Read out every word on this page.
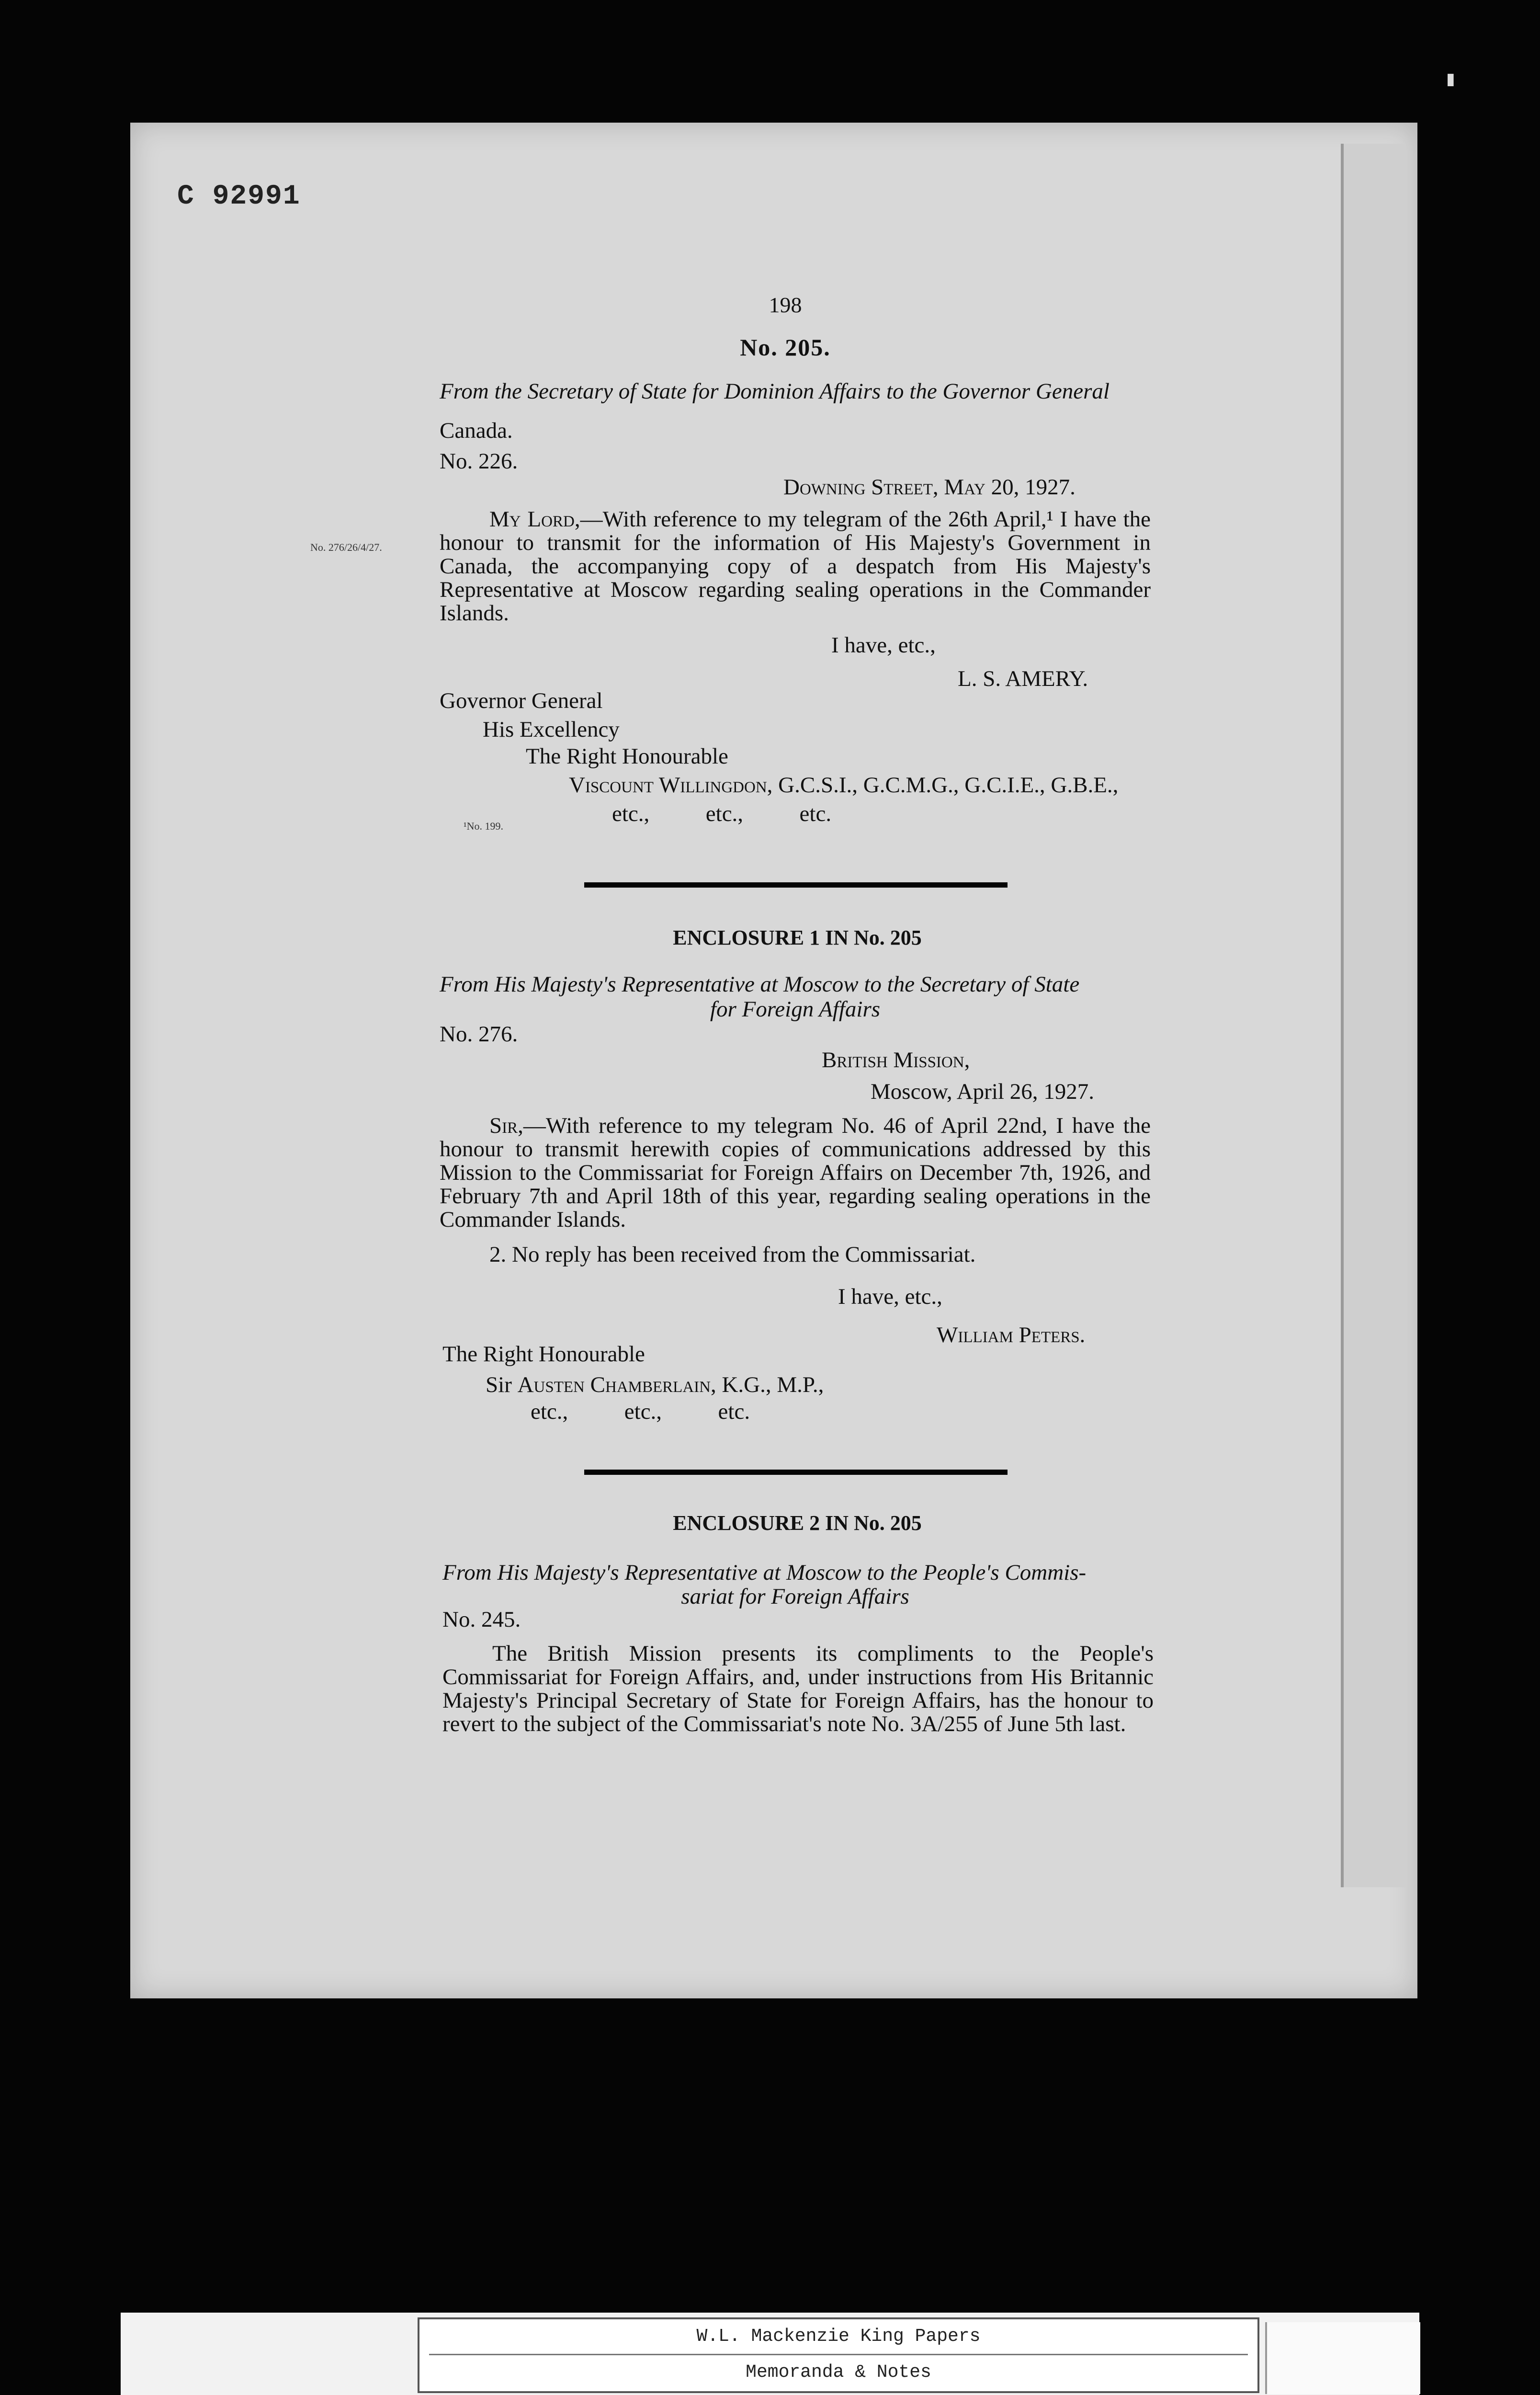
C 92991
▮
198
No. 205.
From the Secretary of State for Dominion Affairs to the Governor General
Canada.
No. 226.
Downing Street, May 20, 1927.
No. 276/26/4/27.
My Lord,—With reference to my telegram of the 26th April,¹ I have the honour to transmit for the information of His Majesty's Government in Canada, the accompanying copy of a despatch from His Majesty's Representative at Moscow regarding sealing operations in the Commander Islands.
I have, etc.,
L. S. AMERY.
Governor General
His Excellency
The Right Honourable
Viscount Willingdon, G.C.S.I., G.C.M.G., G.C.I.E., G.B.E.,
etc.,          etc.,          etc.
¹No. 199.
ENCLOSURE 1 IN No. 205
From His Majesty's Representative at Moscow to the Secretary of State
for Foreign Affairs
No. 276.
British Mission,
Moscow, April 26, 1927.
Sir,—With reference to my telegram No. 46 of April 22nd, I have the honour to transmit herewith copies of communications addressed by this Mission to the Commissariat for Foreign Affairs on December 7th, 1926, and February 7th and April 18th of this year, regarding sealing operations in the Commander Islands.
2. No reply has been received from the Commissariat.
I have, etc.,
William Peters.
The Right Honourable
Sir Austen Chamberlain, K.G., M.P.,
etc.,          etc.,          etc.
ENCLOSURE 2 IN No. 205
From His Majesty's Representative at Moscow to the People's Commis-
sariat for Foreign Affairs
No. 245.
The British Mission presents its compliments to the People's Commissariat for Foreign Affairs, and, under instructions from His Britannic Majesty's Principal Secretary of State for Foreign Affairs, has the honour to revert to the subject of the Commissariat's note No. 3A/255 of June 5th last.
W.L. Mackenzie King Papers
Memoranda & Notes
